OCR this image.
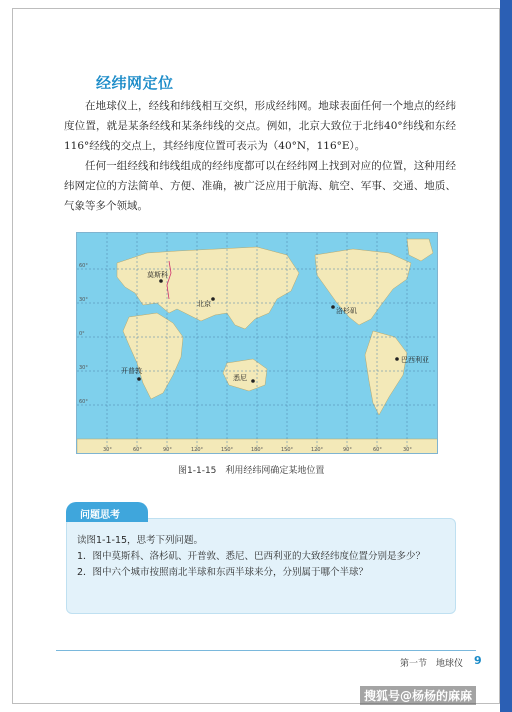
经纬网定位

在地球仪上，经线和纬线相互交织，形成经纬网。地球表面任何一个地点的经纬度位置，就是某条经线和某条纬线的交点。例如，北京大致位于北纬40°纬线和东经116°经线的交点上，其经纬度位置可表示为（40°N，116°E）。

任何一组经线和纬线组成的经纬度都可以在经纬网上找到对应的位置，这种用经纬网定位的方法简单、方便、准确，被广泛应用于航海、航空、军事、交通、地质、气象等多个领域。

60°
30°
0°
30°
60°
30°	60°	90°	120°	150°	180°	150°	120°	90°	60°	30°
莫斯科
北京
洛杉矶
开普敦
悉尼
巴西利亚
图1-1-15　利用经纬网确定某地位置
读图1-1-15，思考下列问题。
1．图中莫斯科、洛杉矶、开普敦、悉尼、巴西利亚的大致经纬度位置分别是多少？
2．图中六个城市按照南北半球和东西半球来分，分别属于哪个半球？
问题思考
第一节　地球仪 9
搜狐号@杨杨的麻麻
